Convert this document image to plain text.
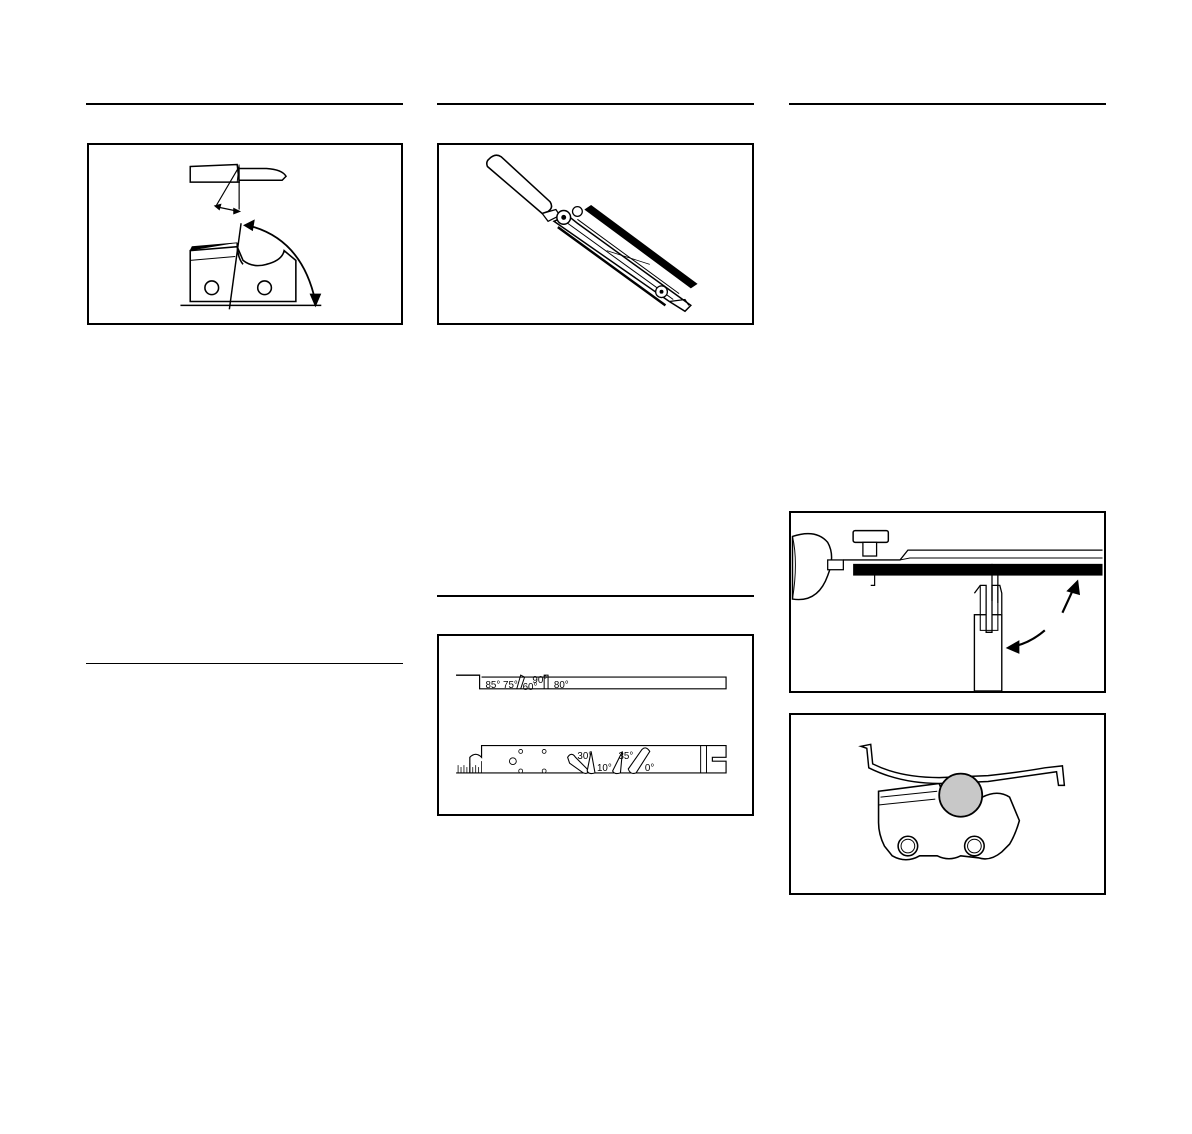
85° 75° 60°
90° 80°
30°
10°
35°
0°
